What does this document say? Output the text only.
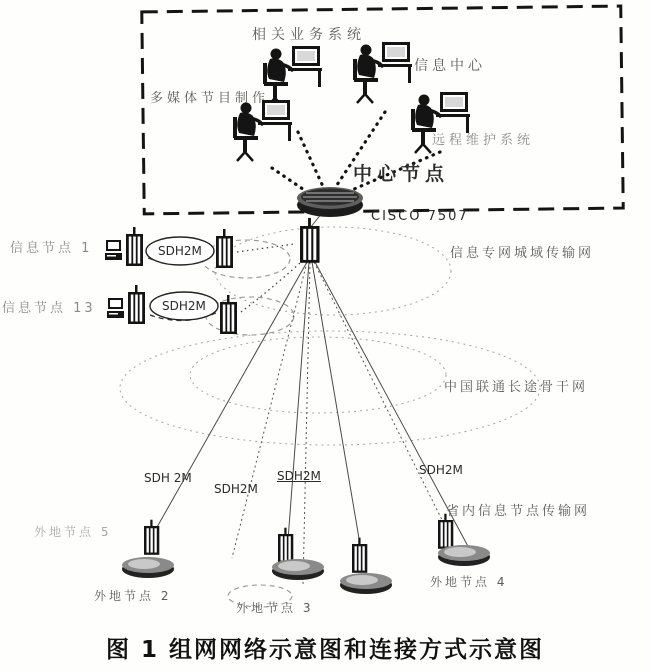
相关业务系统
信息中心
多媒体节目制作
远程维护系统
中心节点
CISCO 7507
信息节点 1
信息节点 13
SDH2M
SDH2M
信息专网城域传输网
中国联通长途骨干网
省内信息节点传输网
SDH 2M
SDH2M
SDH2M	SDH2M
外地节点 5
外地节点 2
外地节点 3
外地节点 4
图 1 组网网络示意图和连接方式示意图
